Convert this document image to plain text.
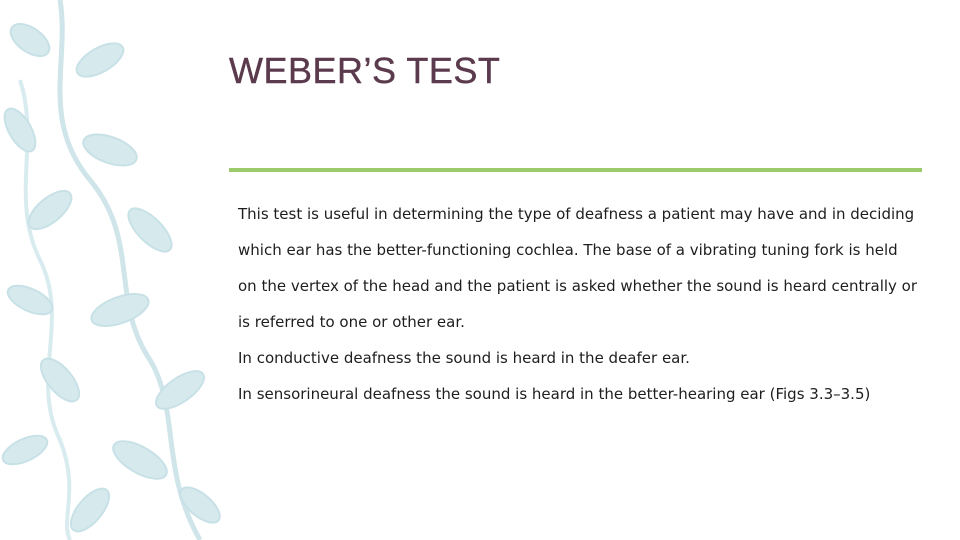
WEBER’S TEST

This test is useful in determining the type of deafness a patient may have and in deciding which ear has the better-functioning cochlea. The base of a vibrating tuning fork is held on the vertex of the head and the patient is asked whether the sound is heard centrally or is referred to one or other ear.

In conductive deafness the sound is heard in the deafer ear.

In sensorineural deafness the sound is heard in the better-hearing ear (Figs 3.3–3.5)
